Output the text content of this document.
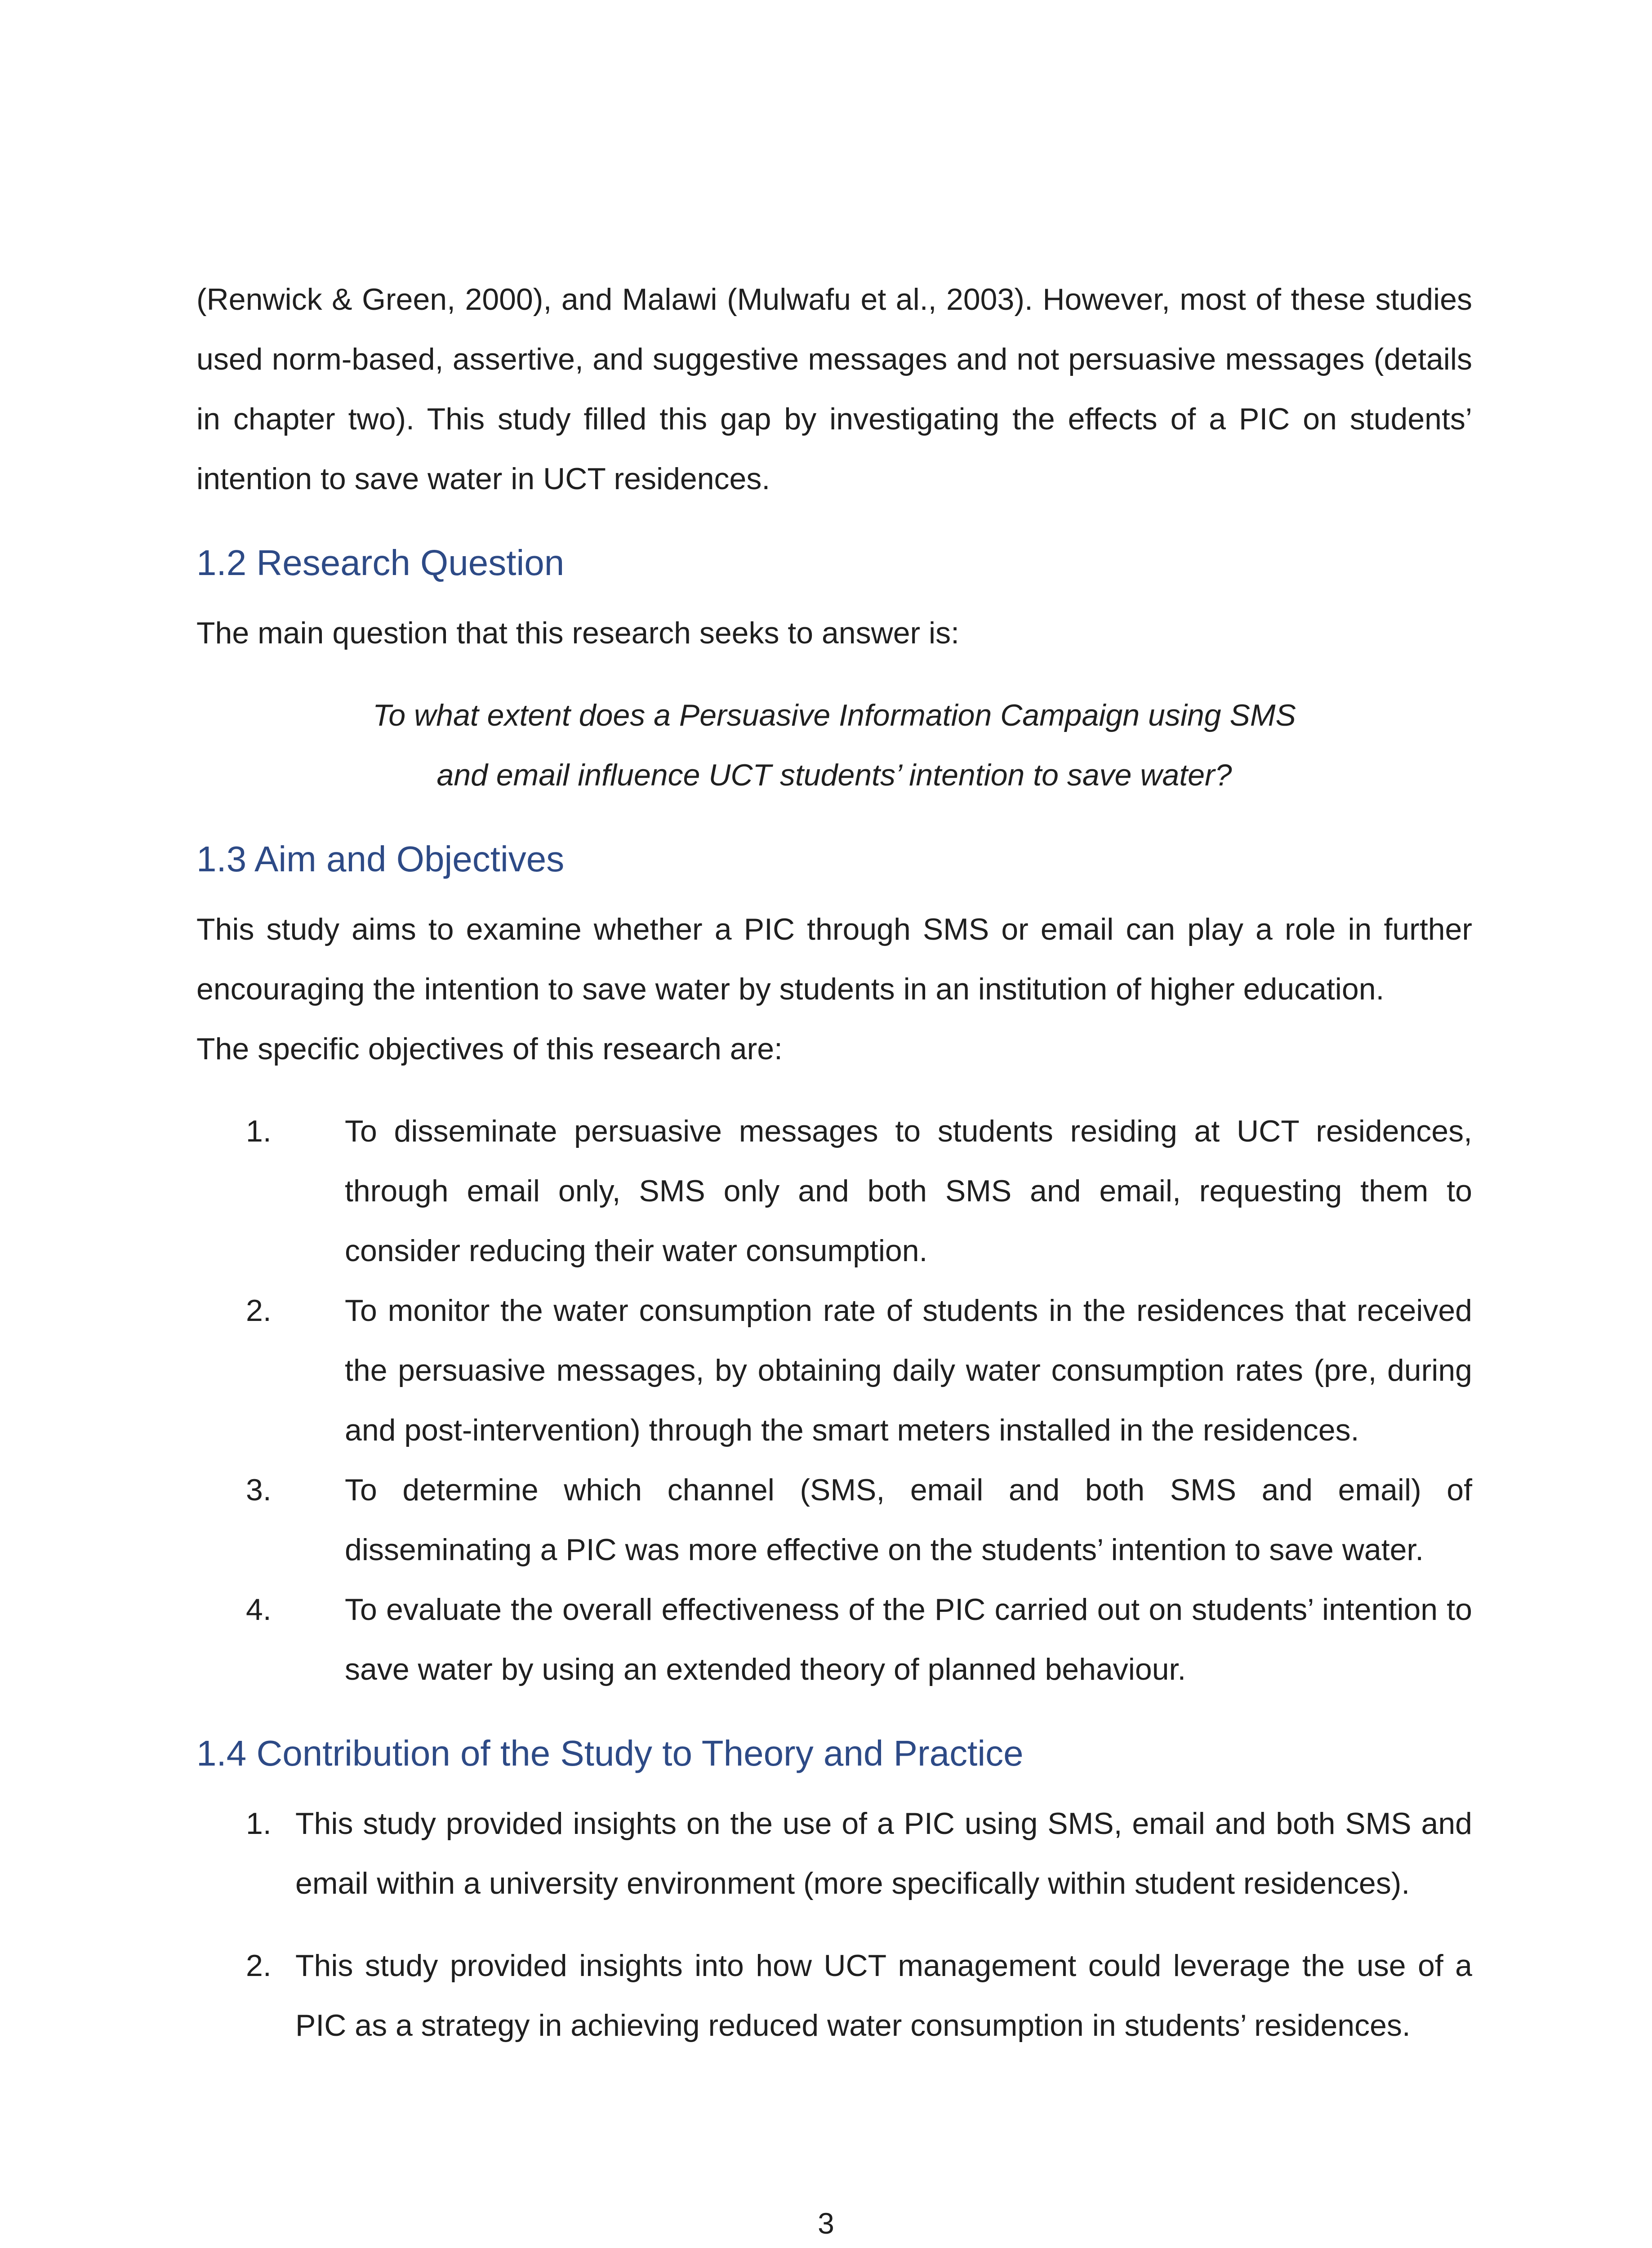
(Renwick & Green, 2000), and Malawi (Mulwafu et al., 2003). However, most of these studies used norm-based, assertive, and suggestive messages and not persuasive messages (details in chapter two). This study filled this gap by investigating the effects of a PIC on students’ intention to save water in UCT residences.

1.2 Research Question

The main question that this research seeks to answer is:

To what extent does a Persuasive Information Campaign using SMS
and email influence UCT students’ intention to save water?

1.3 Aim and Objectives

This study aims to examine whether a PIC through SMS or email can play a role in further encouraging the intention to save water by students in an institution of higher education.

The specific objectives of this research are:

1.	To disseminate persuasive messages to students residing at UCT residences, through email only, SMS only and both SMS and email, requesting them to consider reducing their water consumption.
2.	To monitor the water consumption rate of students in the residences that received the persuasive messages, by obtaining daily water consumption rates (pre, during and post-intervention) through the smart meters installed in the residences.
3.	To determine which channel (SMS, email and both SMS and email) of disseminating a PIC was more effective on the students’ intention to save water.
4.	To evaluate the overall effectiveness of the PIC carried out on students’ intention to save water by using an extended theory of planned behaviour.
1.4 Contribution of the Study to Theory and Practice
1. This study provided insights on the use of a PIC using SMS, email and both SMS and email within a university environment (more specifically within student residences).
2. This study provided insights into how UCT management could leverage the use of a PIC as a strategy in achieving reduced water consumption in students’ residences.
3
